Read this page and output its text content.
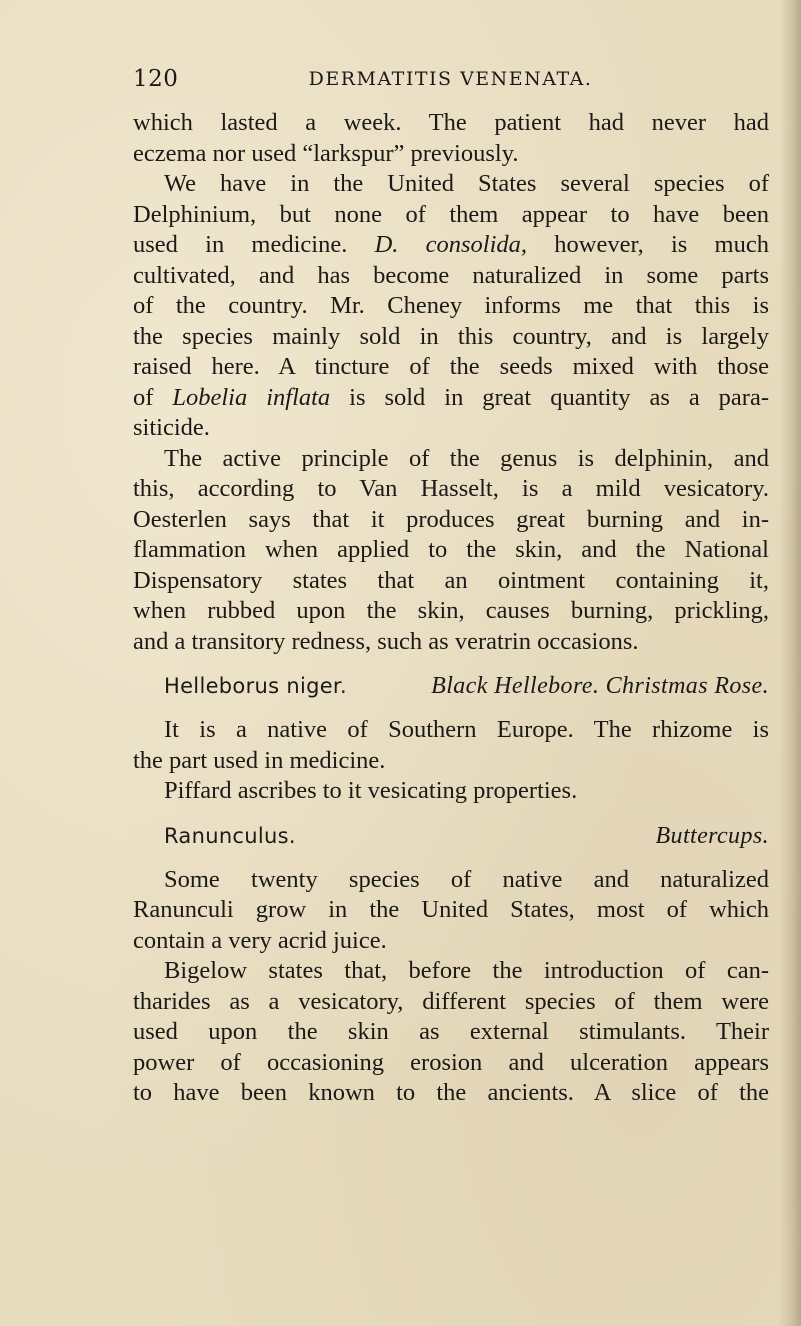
120	DERMATITIS VENENATA.
which lasted a week. The patient had never had
eczema nor used “larkspur” previously.
We have in the United States several species of
Delphinium, but none of them appear to have been
used in medicine. D. consolida, however, is much
cultivated, and has become naturalized in some parts
of the country. Mr. Cheney informs me that this is
the species mainly sold in this country, and is largely
raised here. A tincture of the seeds mixed with those
of Lobelia inflata is sold in great quantity as a para-
siticide.
The active principle of the genus is delphinin, and
this, according to Van Hasselt, is a mild vesicatory.
Oesterlen says that it produces great burning and in-
flammation when applied to the skin, and the National
Dispensatory states that an ointment containing it,
when rubbed upon the skin, causes burning, prickling,
and a transitory redness, such as veratrin occasions.
Helleborus niger.	Black Hellebore. Christmas Rose.
It is a native of Southern Europe. The rhizome is
the part used in medicine.
Piffard ascribes to it vesicating properties.
Ranunculus.	Buttercups.
Some twenty species of native and naturalized
Ranunculi grow in the United States, most of which
contain a very acrid juice.
Bigelow states that, before the introduction of can-
tharides as a vesicatory, different species of them were
used upon the skin as external stimulants. Their
power of occasioning erosion and ulceration appears
to have been known to the ancients. A slice of the
